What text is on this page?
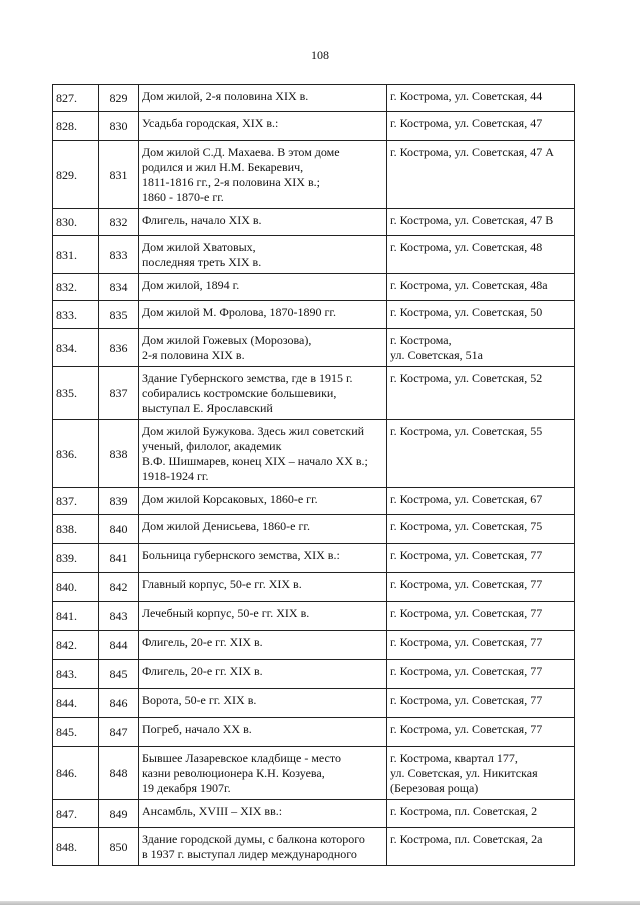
108
827.	829	Дом жилой, 2-я половина XIX в.	г. Кострома, ул. Советская, 44
828.	830	Усадьба городская, XIX в.:	г. Кострома, ул. Советская, 47
829.	831	Дом жилой С.Д. Махаева. В этом доме
родился и жил Н.М. Бекаревич,
1811-1816 гг., 2-я половина XIX в.;
1860 - 1870-е гг.	г. Кострома, ул. Советская, 47 А
830.	832	Флигель, начало XIX в.	г. Кострома, ул. Советская, 47 В
831.	833	Дом жилой Хватовых,
последняя треть XIX в.	г. Кострома, ул. Советская, 48
832.	834	Дом жилой, 1894 г.	г. Кострома, ул. Советская, 48а
833.	835	Дом жилой М. Фролова, 1870-1890 гг.	г. Кострома, ул. Советская, 50
834.	836	Дом жилой Гожевых (Морозова),
2-я половина XIX в.	г. Кострома,
ул. Советская, 51а
835.	837	Здание Губернского земства, где в 1915 г.
собирались костромские большевики,
выступал Е. Ярославский	г. Кострома, ул. Советская, 52
836.	838	Дом жилой Бужукова. Здесь жил советский
ученый, филолог, академик
В.Ф. Шишмарев, конец XIX – начало XX в.;
1918-1924 гг.	г. Кострома, ул. Советская, 55
837.	839	Дом жилой Корсаковых, 1860-е гг.	г. Кострома, ул. Советская, 67
838.	840	Дом жилой Денисьева, 1860-е гг.	г. Кострома, ул. Советская, 75
839.	841	Больница губернского земства, XIX в.:	г. Кострома, ул. Советская, 77
840.	842	Главный корпус, 50-е гг. XIX в.	г. Кострома, ул. Советская, 77
841.	843	Лечебный корпус, 50-е гг. XIX в.	г. Кострома, ул. Советская, 77
842.	844	Флигель, 20-е гг. XIX в.	г. Кострома, ул. Советская, 77
843.	845	Флигель, 20-е гг. XIX в.	г. Кострома, ул. Советская, 77
844.	846	Ворота, 50-е гг. XIX в.	г. Кострома, ул. Советская, 77
845.	847	Погреб, начало XX в.	г. Кострома, ул. Советская, 77
846.	848	Бывшее Лазаревское кладбище - место
казни революционера К.Н. Козуева,
19 декабря 1907г.	г. Кострома, квартал 177,
ул. Советская, ул. Никитская
(Березовая роща)
847.	849	Ансамбль, XVIII – XIX вв.:	г. Кострома, пл. Советская, 2
848.	850	Здание городской думы, с балкона которого
в 1937 г. выступал лидер международного	г. Кострома, пл. Советская, 2а
